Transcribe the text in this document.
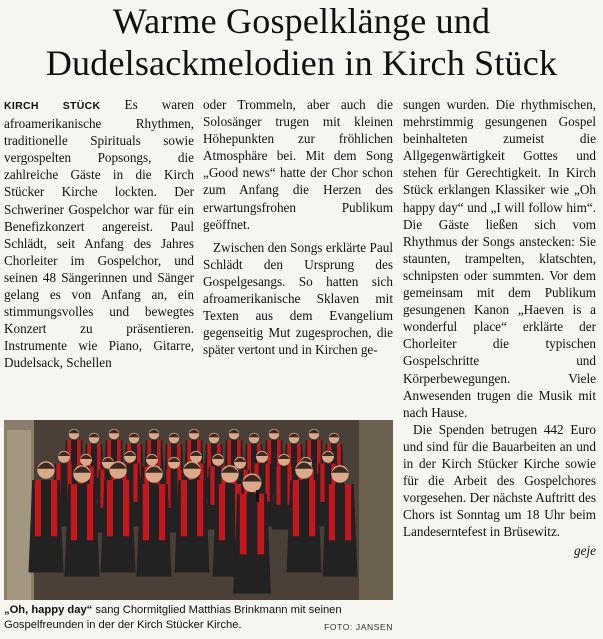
Warme Gospelklänge und
Dudelsackmelodien in Kirch Stück

KIRCH STÜCK Es waren afroamerikanische Rhythmen, traditionelle Spirituals sowie vergospelten Popsongs, die zahlreiche Gäste in die Kirch Stücker Kirche lockten. Der Schweriner Gospelchor war für ein Benefizkonzert angereist. Paul Schlädt, seit Anfang des Jahres Chorleiter im Gospelchor, und seinen 48 Sängerinnen und Sänger gelang es von Anfang an, ein stimmungsvolles und bewegtes Konzert zu präsentieren. Instrumente wie Piano, Gitarre, Dudelsack, Schellen

oder Trommeln, aber auch die Solosänger trugen mit kleinen Höhepunkten zur fröhlichen Atmosphäre bei. Mit dem Song „Good news“ hatte der Chor schon zum Anfang die Herzen des erwartungsfrohen Publikum geöffnet.

Zwischen den Songs erklärte Paul Schlädt den Ursprung des Gospelgesangs. So hatten sich afroamerikanische Sklaven mit Texten aus dem Evangelium gegenseitig Mut zugesprochen, die später vertont und in Kirchen ge-

sungen wurden. Die rhythmischen, mehrstimmig gesungenen Gospel beinhalteten zumeist die Allgegenwärtigkeit Gottes und stehen für Gerechtigkeit. In Kirch Stück erklangen Klassiker wie „Oh happy day“ und „I will follow him“. Die Gäste ließen sich vom Rhythmus der Songs anstecken: Sie staunten, trampelten, klatschten, schnipsten oder summten. Vor dem gemeinsam mit dem Publikum gesungenen Kanon „Haeven is a wonderful place“ erklärte der Chorleiter die typischen Gospelschritte und Körperbewegungen. Viele Anwesenden trugen die Musik mit nach Hause.

Die Spenden betrugen 442 Euro und sind für die Bauarbeiten an und in der Kirch Stücker Kirche sowie für die Arbeit des Gospelchores vorgesehen. Der nächste Auftritt des Chors ist Sonntag um 18 Uhr beim Landeserntefest in Brüsewitz.

geje

„Oh, happy day“ sang Chormitglied Matthias Brinkmann mit seinen Gospelfreunden in der der Kirch Stücker Kirche.	FOTO: JANSEN
